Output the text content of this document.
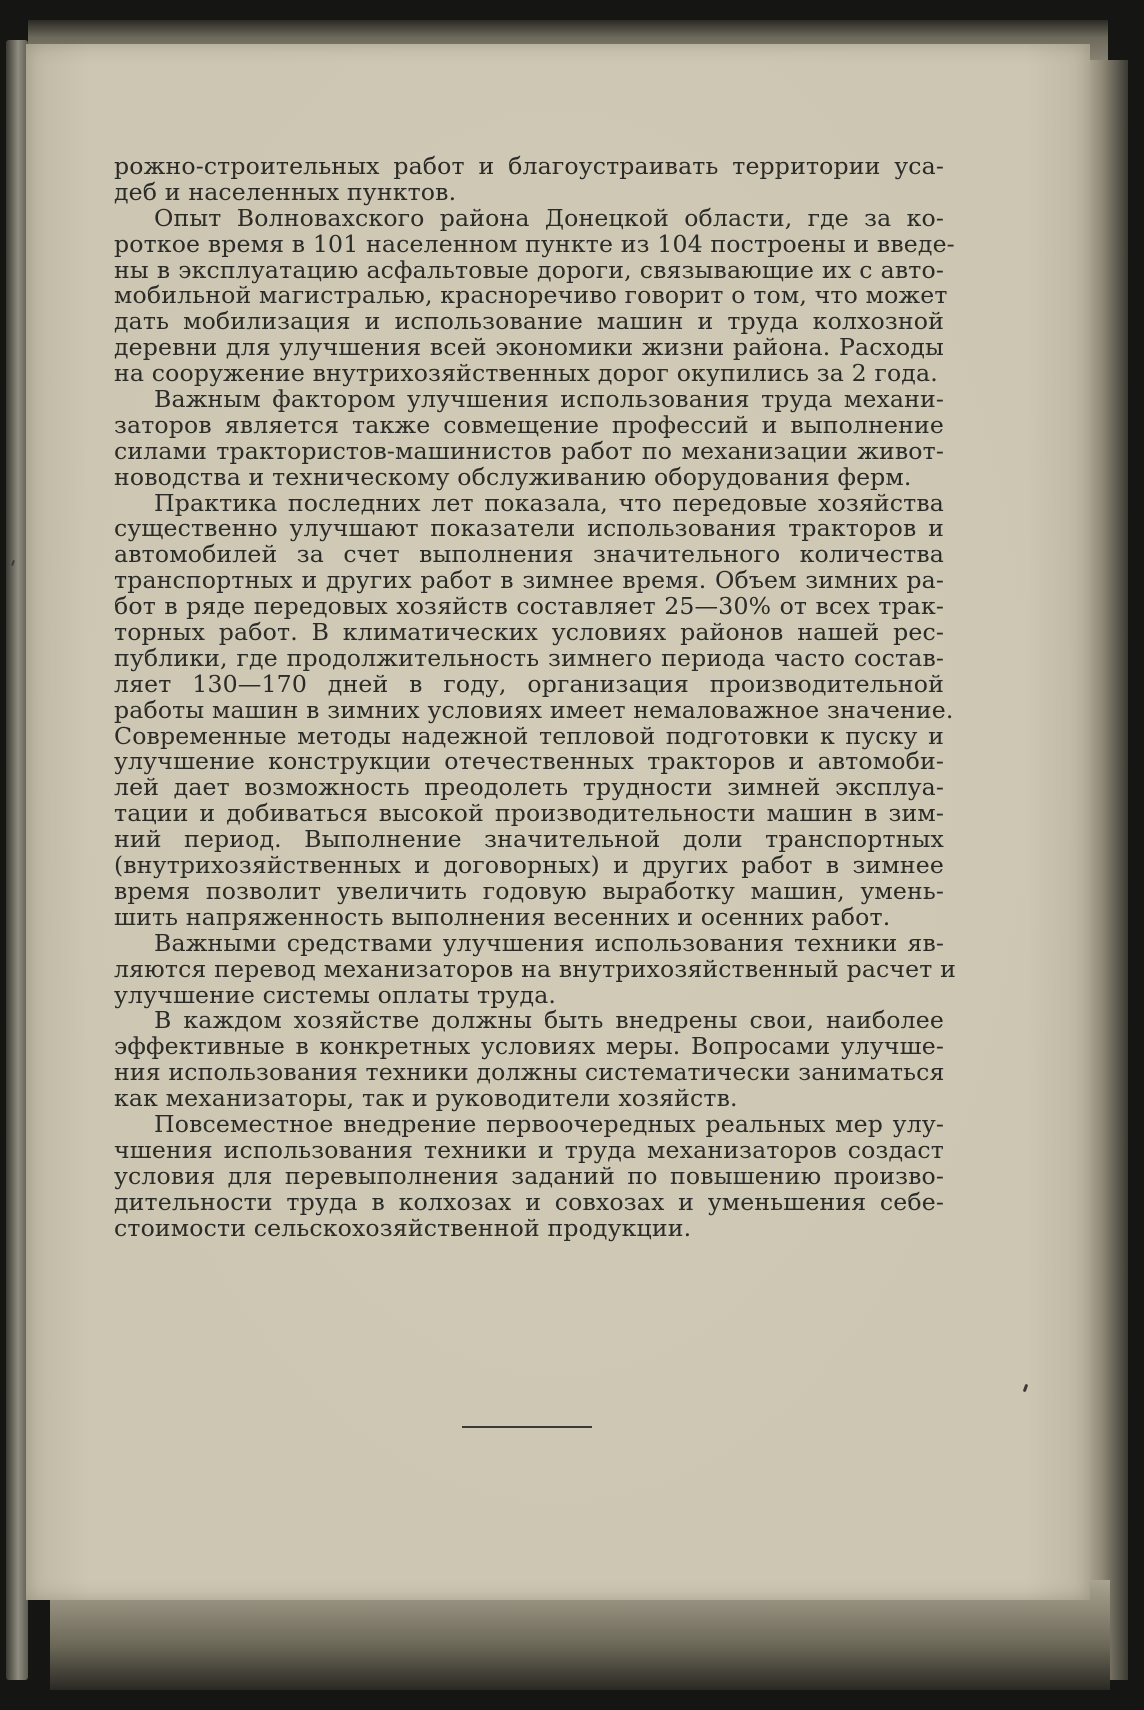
рожно-строительных работ и благоустраивать территории уса-
деб и населенных пунктов.
Опыт Волновахского района Донецкой области, где за ко-
роткое время в 101 населенном пункте из 104 построены и введе-
ны в эксплуатацию асфальтовые дороги, связывающие их с авто-
мобильной магистралью, красноречиво говорит о том, что может
дать мобилизация и использование машин и труда колхозной
деревни для улучшения всей экономики жизни района. Расходы
на сооружение внутрихозяйственных дорог окупились за 2 года.
Важным фактором улучшения использования труда механи-
заторов является также совмещение профессий и выполнение
силами трактористов-машинистов работ по механизации живот-
новодства и техническому обслуживанию оборудования ферм.
Практика последних лет показала, что передовые хозяйства
существенно улучшают показатели использования тракторов и
автомобилей за счет выполнения значительного количества
транспортных и других работ в зимнее время. Объем зимних ра-
бот в ряде передовых хозяйств составляет 25—30% от всех трак-
торных работ. В климатических условиях районов нашей рес-
публики, где продолжительность зимнего периода часто состав-
ляет 130—170 дней в году, организация производительной
работы машин в зимних условиях имеет немаловажное значение.
Современные методы надежной тепловой подготовки к пуску и
улучшение конструкции отечественных тракторов и автомоби-
лей дает возможность преодолеть трудности зимней эксплуа-
тации и добиваться высокой производительности машин в зим-
ний период. Выполнение значительной доли транспортных
(внутрихозяйственных и договорных) и других работ в зимнее
время позволит увеличить годовую выработку машин, умень-
шить напряженность выполнения весенних и осенних работ.
Важными средствами улучшения использования техники яв-
ляются перевод механизаторов на внутрихозяйственный расчет и
улучшение системы оплаты труда.
В каждом хозяйстве должны быть внедрены свои, наиболее
эффективные в конкретных условиях меры. Вопросами улучше-
ния использования техники должны систематически заниматься
как механизаторы, так и руководители хозяйств.
Повсеместное внедрение первоочередных реальных мер улу-
чшения использования техники и труда механизаторов создаст
условия для перевыполнения заданий по повышению произво-
дительности труда в колхозах и совхозах и уменьшения себе-
стоимости сельскохозяйственной продукции.
